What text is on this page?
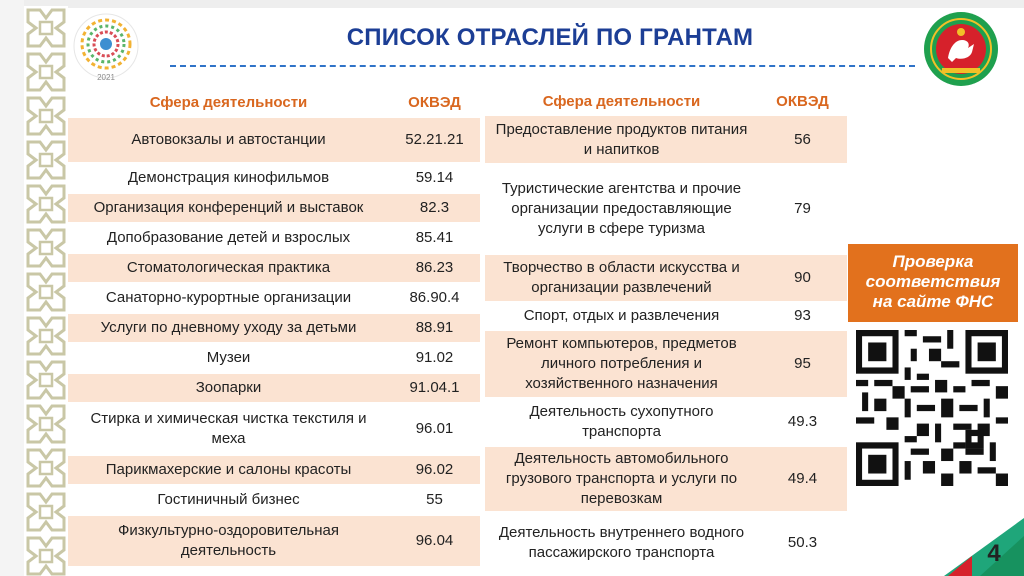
2021
СПИСОК ОТРАСЛЕЙ ПО ГРАНТАМ
Сфера деятельности	ОКВЭД
Автовокзалы и автостанции	52.21.21
Демонстрация кинофильмов	59.14
Организация конференций и выставок	82.3
Допобразование детей и взрослых	85.41
Стоматологическая практика	86.23
Санаторно-курортные организации	86.90.4
Услуги по дневному уходу за детьми	88.91
Музеи	91.02
Зоопарки	91.04.1
Стирка и химическая чистка текстиля и меха	96.01
Парикмахерские и салоны красоты	96.02
Гостиничный бизнес	55
Физкультурно-оздоровительная деятельность	96.04
Сфера деятельности	ОКВЭД
Предоставление продуктов питания и напитков	56
Туристические агентства и прочие организации предоставляющие услуги в сфере туризма	79
Творчество в области искусства и организации развлечений	90
Спорт, отдых и развлечения	93
Ремонт компьютеров, предметов личного потребления и хозяйственного назначения	95
Деятельность сухопутного транспорта	49.3
Деятельность автомобильного грузового транспорта и услуги по перевозкам	49.4
Деятельность внутреннего водного пассажирского транспорта	50.3
Проверка
соответствия
на сайте ФНС
4
